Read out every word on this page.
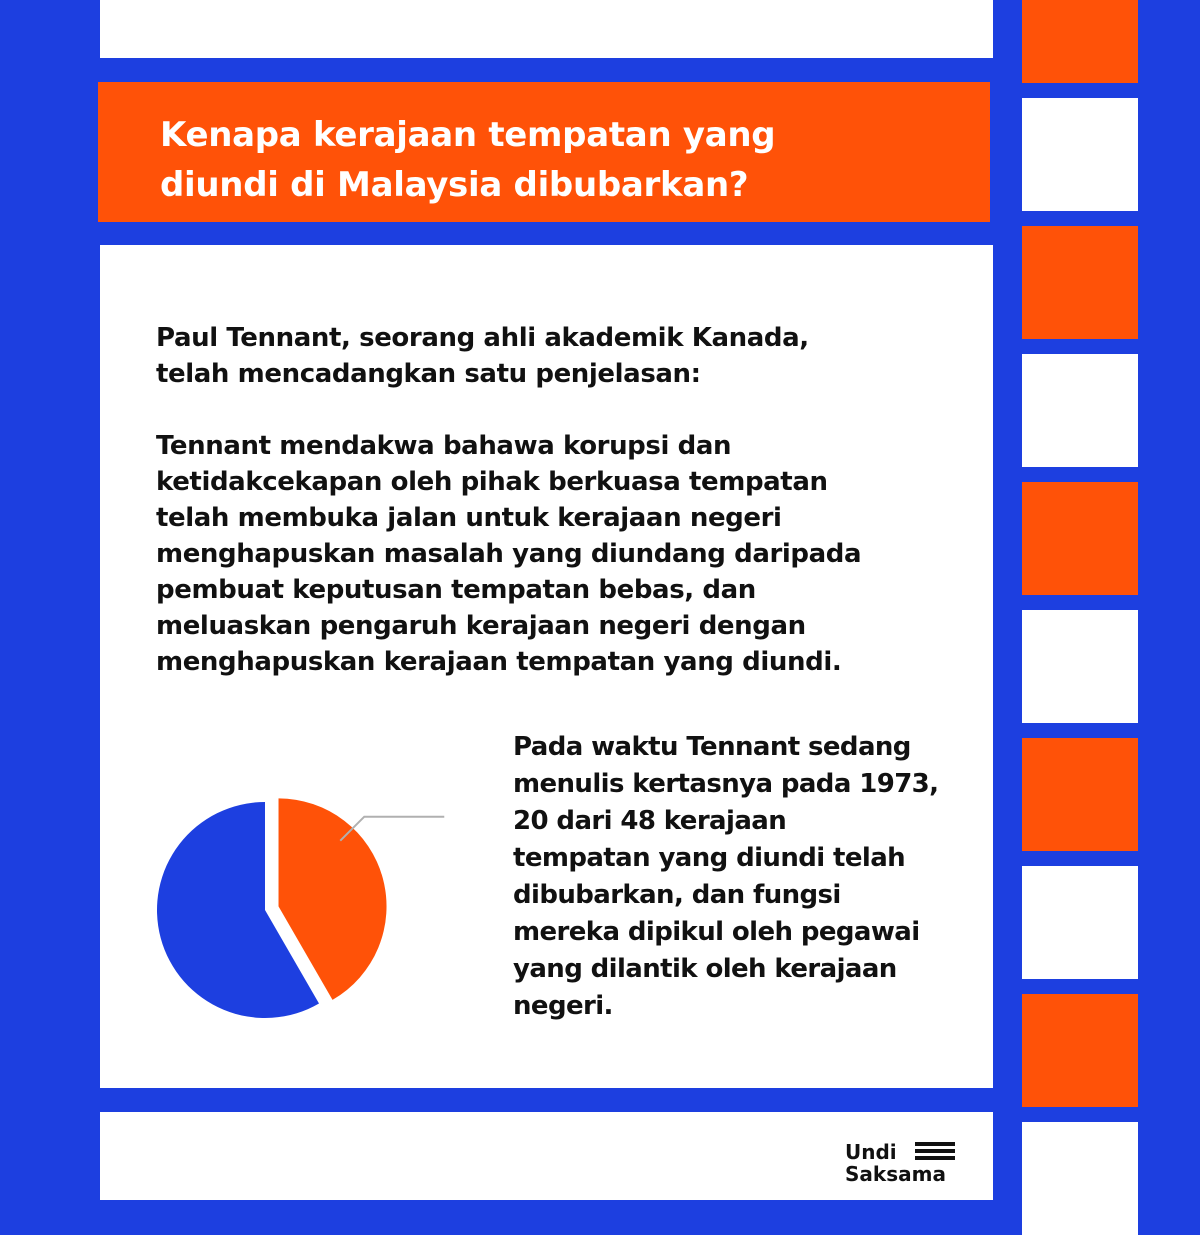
Kenapa kerajaan tempatan yang
diundi di Malaysia dibubarkan?

Paul Tennant, seorang ahli akademik Kanada,
telah mencadangkan satu penjelasan:

Tennant mendakwa bahawa korupsi dan
ketidakcekapan oleh pihak berkuasa tempatan
telah membuka jalan untuk kerajaan negeri
menghapuskan masalah yang diundang daripada
pembuat keputusan tempatan bebas, dan
meluaskan pengaruh kerajaan negeri dengan
menghapuskan kerajaan tempatan yang diundi.

Pada waktu Tennant sedang
menulis kertasnya pada 1973,
20 dari 48 kerajaan
tempatan yang diundi telah
dibubarkan, dan fungsi
mereka dipikul oleh pegawai
yang dilantik oleh kerajaan
negeri.

Undi
Saksama
